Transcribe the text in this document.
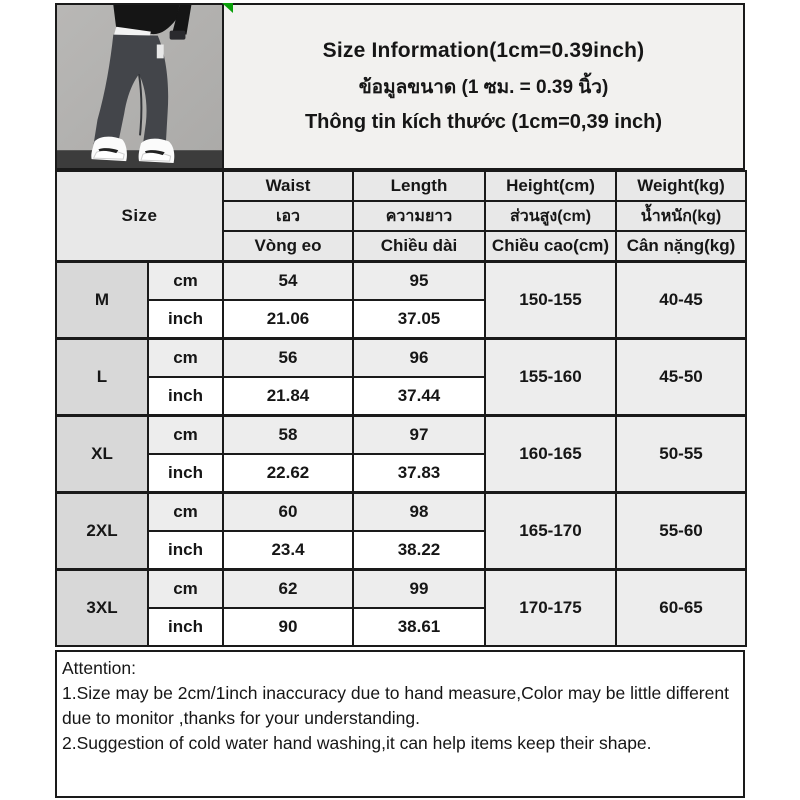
Size Information(1cm=0.39inch)
ข้อมูลขนาด (1 ซม. = 0.39 นิ้ว)
Thông tin kích thước (1cm=0,39 inch)
Size		Waist	Length	Height(cm)	Weight(kg)
		เอว	ความยาว	ส่วนสูง(cm)	น้ำหนัก(kg)
		Vòng eo	Chiều dài	Chiều cao(cm)	Cân nặng(kg)
M	cm	54	95	150-155	40-45
	inch	21.06	37.05		
L	cm	56	96	155-160	45-50
	inch	21.84	37.44		
XL	cm	58	97	160-165	50-55
	inch	22.62	37.83		
2XL	cm	60	98	165-170	55-60
	inch	23.4	38.22		
3XL	cm	62	99	170-175	60-65
	inch	90	38.61		

Attention:

1.Size may be 2cm/1inch inaccuracy due to hand measure,Color may be little different due to monitor ,thanks for your understanding.

2.Suggestion of cold water hand washing,it can help items keep their shape.
